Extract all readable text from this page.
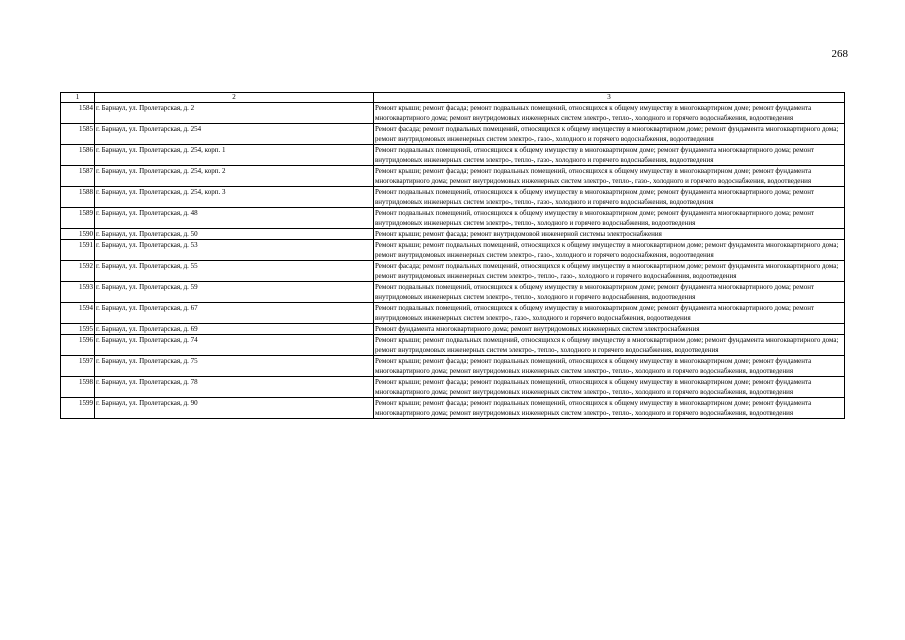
268
1	2	3
1584	г. Барнаул, ул. Пролетарская, д. 2	Ремонт крыши; ремонт фасада; ремонт подвальных помещений, относящихся к общему имуществу в многоквартирном доме; ремонт фундамента многоквартирного дома; ремонт внутридомовых инженерных систем электро-, тепло-, холодного и горячего водоснабжения, водоотведения
1585	г. Барнаул, ул. Пролетарская, д. 254	Ремонт фасада; ремонт подвальных помещений, относящихся к общему имуществу в многоквартирном доме; ремонт фундамента многоквартирного дома; ремонт внутридомовых инженерных систем электро-, газо-, холодного и горячего водоснабжения, водоотведения
1586	г. Барнаул, ул. Пролетарская, д. 254, корп. 1	Ремонт подвальных помещений, относящихся к общему имуществу в многоквартирном доме; ремонт фундамента многоквартирного дома; ремонт внутридомовых инженерных систем электро-, тепло-, газо-, холодного и горячего водоснабжения, водоотведения
1587	г. Барнаул, ул. Пролетарская, д. 254, корп. 2	Ремонт крыши; ремонт фасада; ремонт подвальных помещений, относящихся к общему имуществу в многоквартирном доме; ремонт фундамента многоквартирного дома; ремонт внутридомовых инженерных систем электро-, тепло-, газо-, холодного и горячего водоснабжения, водоотведения
1588	г. Барнаул, ул. Пролетарская, д. 254, корп. 3	Ремонт подвальных помещений, относящихся к общему имуществу в многоквартирном доме; ремонт фундамента многоквартирного дома; ремонт внутридомовых инженерных систем электро-, тепло-, газо-, холодного и горячего водоснабжения, водоотведения
1589	г. Барнаул, ул. Пролетарская, д. 48	Ремонт подвальных помещений, относящихся к общему имуществу в многоквартирном доме; ремонт фундамента многоквартирного дома; ремонт внутридомовых инженерных систем электро-, тепло-, холодного и горячего водоснабжения, водоотведения
1590	г. Барнаул, ул. Пролетарская, д. 50	Ремонт крыши; ремонт фасада; ремонт внутридомовой инженерной системы электроснабжения
1591	г. Барнаул, ул. Пролетарская, д. 53	Ремонт крыши; ремонт подвальных помещений, относящихся к общему имуществу в многоквартирном доме; ремонт фундамента многоквартирного дома; ремонт внутридомовых инженерных систем электро-, газо-, холодного и горячего водоснабжения, водоотведения
1592	г. Барнаул, ул. Пролетарская, д. 55	Ремонт фасада; ремонт подвальных помещений, относящихся к общему имуществу в многоквартирном доме; ремонт фундамента многоквартирного дома; ремонт внутридомовых инженерных систем электро-, тепло-, газо-, холодного и горячего водоснабжения, водоотведения
1593	г. Барнаул, ул. Пролетарская, д. 59	Ремонт подвальных помещений, относящихся к общему имуществу в многоквартирном доме; ремонт фундамента многоквартирного дома; ремонт внутридомовых инженерных систем электро-, тепло-, холодного и горячего водоснабжения, водоотведения
1594	г. Барнаул, ул. Пролетарская, д. 67	Ремонт подвальных помещений, относящихся к общему имуществу в многоквартирном доме; ремонт фундамента многоквартирного дома; ремонт внутридомовых инженерных систем электро-, газо-, холодного и горячего водоснабжения, водоотведения
1595	г. Барнаул, ул. Пролетарская, д. 69	Ремонт фундамента многоквартирного дома; ремонт внутридомовых инженерных систем электроснабжения
1596	г. Барнаул, ул. Пролетарская, д. 74	Ремонт крыши; ремонт подвальных помещений, относящихся к общему имуществу в многоквартирном доме; ремонт фундамента многоквартирного дома; ремонт внутридомовых инженерных систем электро-, тепло-, холодного и горячего водоснабжения, водоотведения
1597	г. Барнаул, ул. Пролетарская, д. 75	Ремонт крыши; ремонт фасада; ремонт подвальных помещений, относящихся к общему имуществу в многоквартирном доме; ремонт фундамента многоквартирного дома; ремонт внутридомовых инженерных систем электро-, тепло-, холодного и горячего водоснабжения, водоотведения
1598	г. Барнаул, ул. Пролетарская, д. 78	Ремонт крыши; ремонт фасада; ремонт подвальных помещений, относящихся к общему имуществу в многоквартирном доме; ремонт фундамента многоквартирного дома; ремонт внутридомовых инженерных систем электро-, тепло-, холодного и горячего водоснабжения, водоотведения
1599	г. Барнаул, ул. Пролетарская, д. 90	Ремонт крыши; ремонт фасада; ремонт подвальных помещений, относящихся к общему имуществу в многоквартирном доме; ремонт фундамента многоквартирного дома; ремонт внутридомовых инженерных систем электро-, тепло-, холодного и горячего водоснабжения, водоотведения
